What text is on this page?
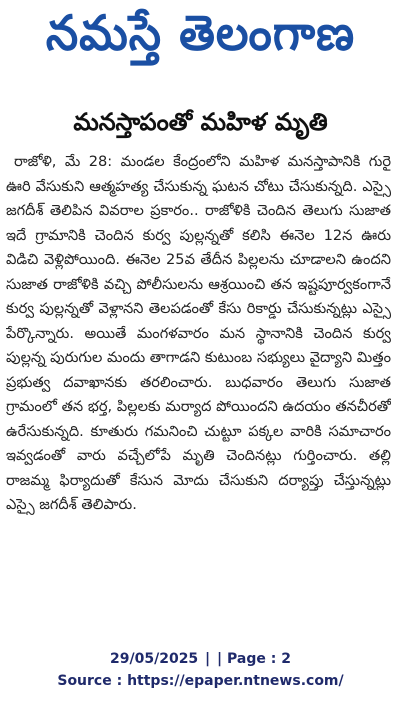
నమస్తే తెలంగాణ
మనస్తాపంతో మహిళ మృతి

రాజోళి, మే 28: మండల కేంద్రంలోని మహిళ మనస్తాపానికి గురై ఊరి వేసుకుని ఆత్మహత్య చేసుకున్న ఘటన చోటు చేసుకున్నది. ఎస్సై జగదీశ్ తెలిపిన వివరాల ప్రకారం.. రాజోళికి చెందిన తెలుగు సుజాత ఇదే గ్రామానికి చెందిన కుర్వ పుల్లన్నతో కలిసి ఈనెల 12న ఊరు విడిచి వెళ్లిపోయింది. ఈనెల 25వ తేదీన పిల్లలను చూడాలని ఉందని సుజాత రాజోళికి వచ్చి పోలీసులను ఆశ్రయించి తన ఇష్టపూర్వకంగానే కుర్వ పుల్లన్నతో వెళ్లానని తెలపడంతో కేసు రికార్డు చేసుకున్నట్లు ఎస్సై పేర్కొన్నారు. అయితే మంగళవారం మన స్థానానికి చెందిన కుర్వ పుల్లన్న పురుగుల మందు తాగాడని కుటుంబ సభ్యులు వైద్యాని మిత్తం ప్రభుత్వ దవాఖానకు తరలించారు. బుధవారం తెలుగు సుజాత గ్రామంలో తన భర్త, పిల్లలకు మర్యాద పోయిందని ఉదయం తనచీరతో ఉరేసుకున్నది. కూతురు గమనించి చుట్టూ పక్కల వారికి సమాచారం ఇవ్వడంతో వారు వచ్చేలోపే మృతి చెందినట్లు గుర్తించారు. తల్లి రాజమ్మ ఫిర్యాదుతో కేసున మోదు చేసుకుని దర్యాప్తు చేస్తున్నట్లు ఎస్సై జగదీశ్ తెలిపారు.

29/05/2025 | | Page : 2
Source : https://epaper.ntnews.com/
